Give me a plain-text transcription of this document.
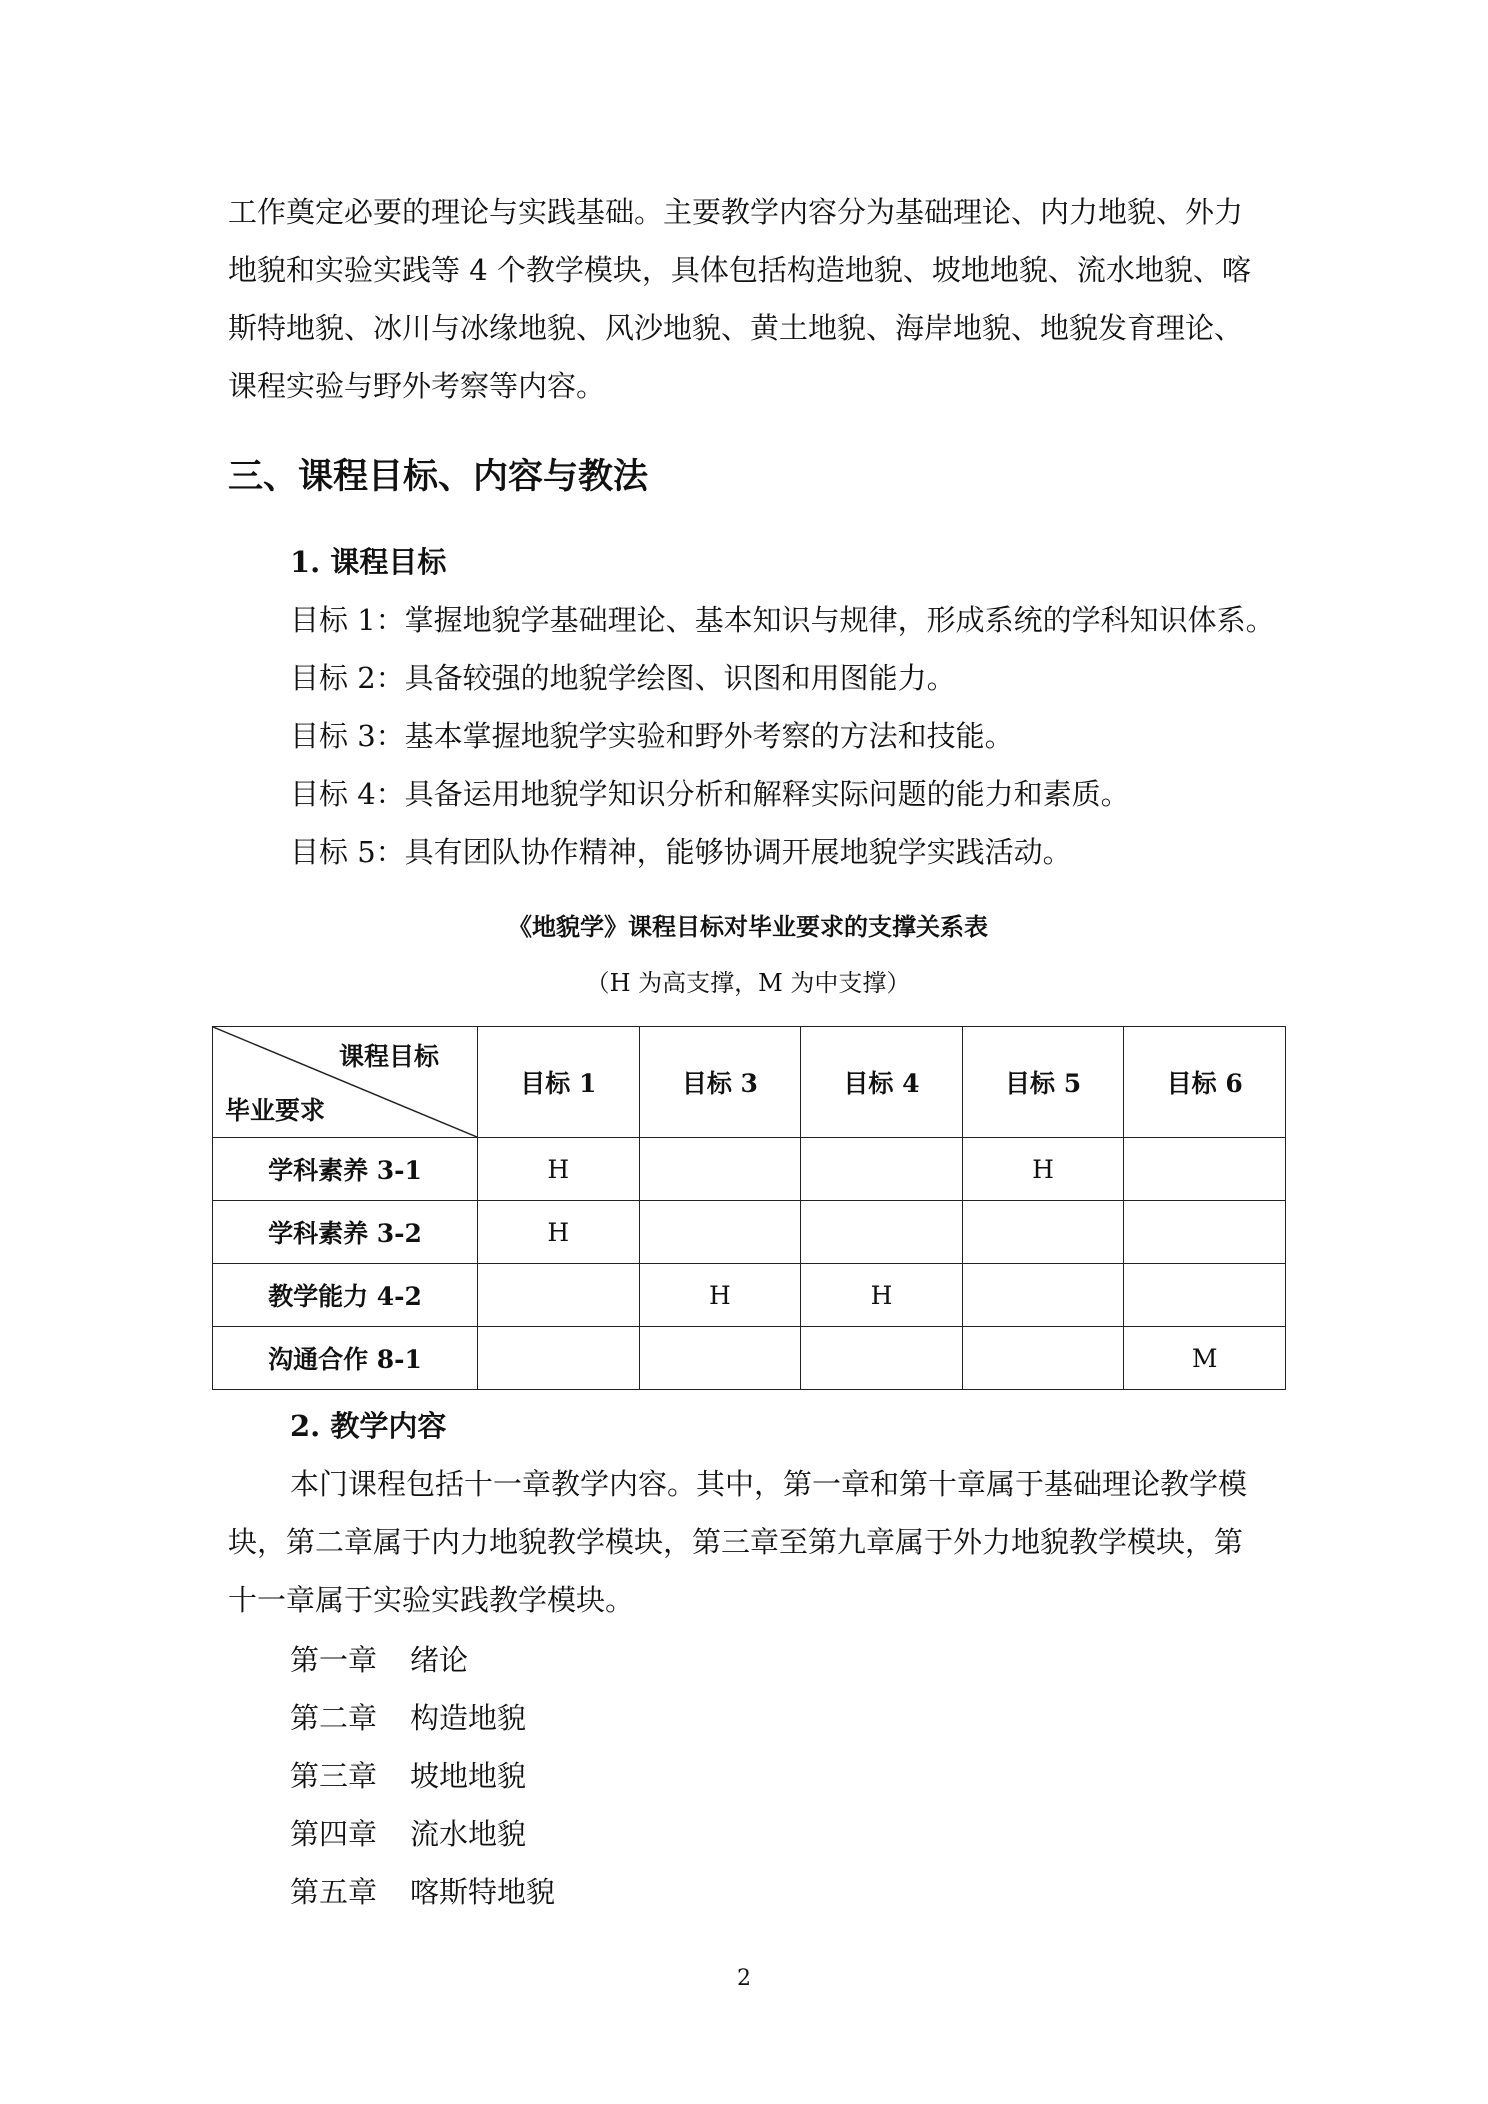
工作奠定必要的理论与实践基础。主要教学内容分为基础理论、内力地貌、外力
地貌和实验实践等 4 个教学模块，具体包括构造地貌、坡地地貌、流水地貌、喀
斯特地貌、冰川与冰缘地貌、风沙地貌、黄土地貌、海岸地貌、地貌发育理论、
课程实验与野外考察等内容。
三、课程目标、内容与教法
1. 课程目标
目标 1：掌握地貌学基础理论、基本知识与规律，形成系统的学科知识体系。
目标 2：具备较强的地貌学绘图、识图和用图能力。
目标 3：基本掌握地貌学实验和野外考察的方法和技能。
目标 4：具备运用地貌学知识分析和解释实际问题的能力和素质。
目标 5：具有团队协作精神，能够协调开展地貌学实践活动。
《地貌学》课程目标对毕业要求的支撑关系表
（H 为高支撑，M 为中支撑）
课程目标
毕业要求	目标 1	目标 3	目标 4	目标 5	目标 6
学科素养 3-1	H			H	
学科素养 3-2	H				
教学能力 4-2		H	H		
沟通合作 8-1					M
2. 教学内容
本门课程包括十一章教学内容。其中，第一章和第十章属于基础理论教学模
块，第二章属于内力地貌教学模块，第三章至第九章属于外力地貌教学模块，第
十一章属于实验实践教学模块。
第一章 绪论
第二章 构造地貌
第三章 坡地地貌
第四章 流水地貌
第五章 喀斯特地貌
2
